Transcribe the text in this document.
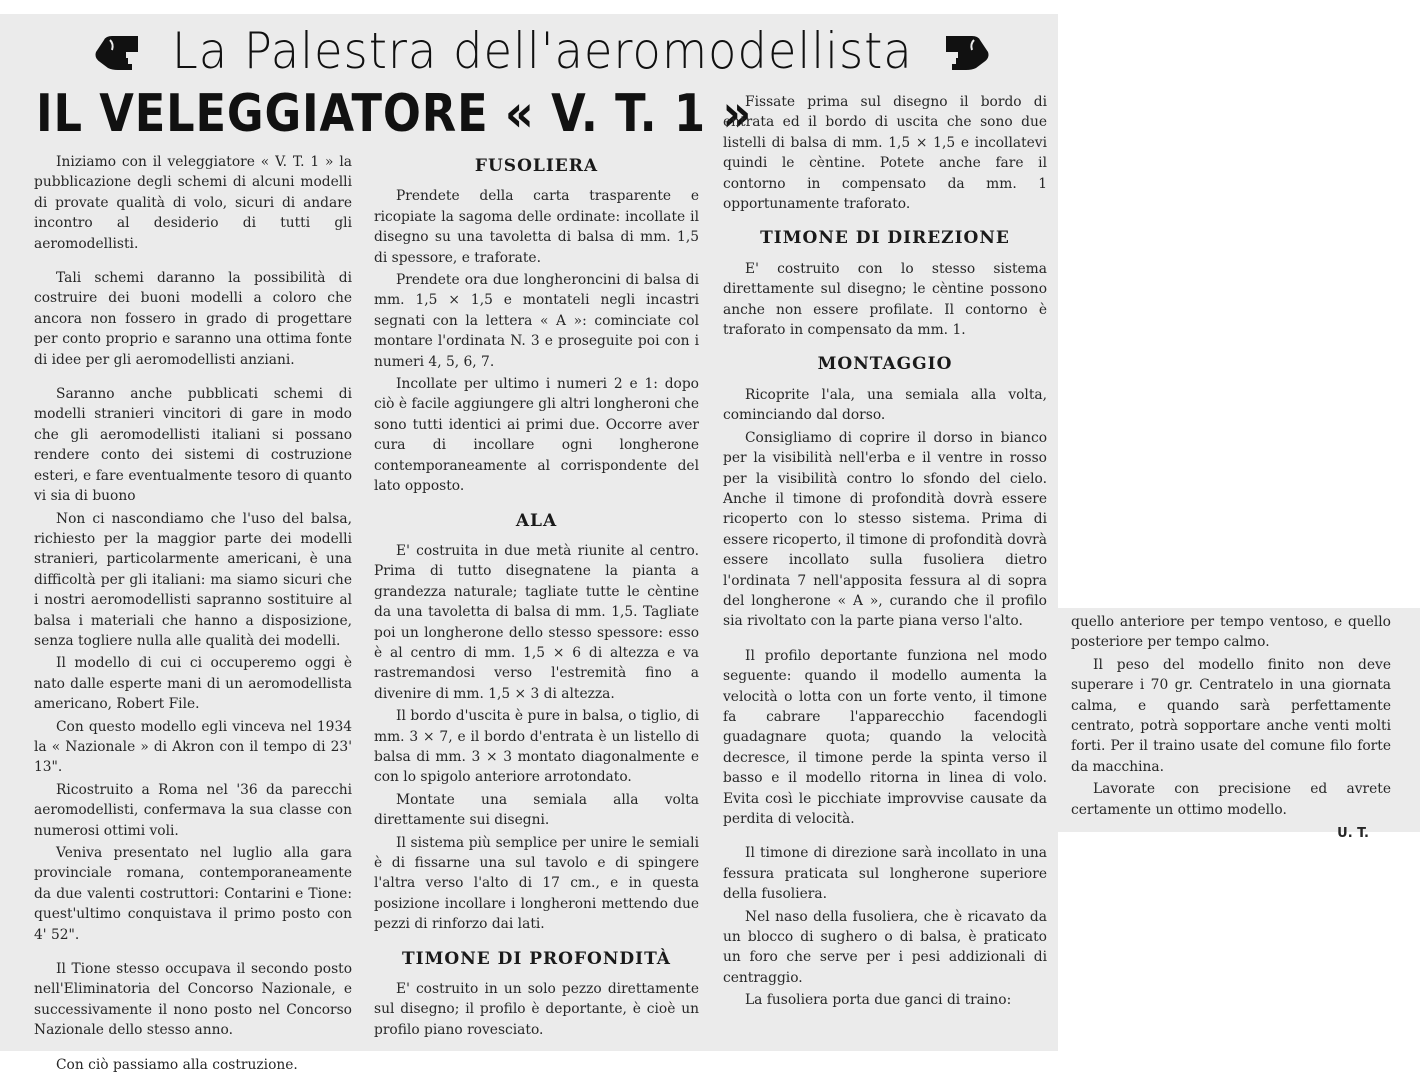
La Palestra dell'aeromodellista
IL VELEGGIATORE « V. T. 1 »

Iniziamo con il veleggiatore « V. T. 1 » la pubblicazione degli schemi di alcuni modelli di provate qualità di volo, sicuri di andare incontro al desiderio di tutti gli aeromodellisti.

Tali schemi daranno la possibilità di costruire dei buoni modelli a coloro che ancora non fossero in grado di progettare per conto proprio e saranno una ottima fonte di idee per gli aeromodellisti anziani.

Saranno anche pubblicati schemi di modelli stranieri vincitori di gare in modo che gli aeromodellisti italiani si possano rendere conto dei sistemi di costruzione esteri, e fare eventualmente tesoro di quanto vi sia di buono

Non ci nascondiamo che l'uso del balsa, richiesto per la maggior parte dei modelli stranieri, particolarmente americani, è una difficoltà per gli italiani: ma siamo sicuri che i nostri aeromodellisti sapranno sostituire al balsa i materiali che hanno a disposizione, senza togliere nulla alle qualità dei modelli.

Il modello di cui ci occuperemo oggi è nato dalle esperte mani di un aeromodellista americano, Robert File.

Con questo modello egli vinceva nel 1934 la « Nazionale » di Akron con il tempo di 23' 13".

Ricostruito a Roma nel '36 da parecchi aeromodellisti, confermava la sua classe con numerosi ottimi voli.

Veniva presentato nel luglio alla gara provinciale romana, contemporaneamente da due valenti costruttori: Contarini e Tione: quest'ultimo conquistava il primo posto con 4' 52".

Il Tione stesso occupava il secondo posto nell'Eliminatoria del Concorso Nazionale, e successivamente il nono posto nel Concorso Nazionale dello stesso anno.

Con ciò passiamo alla costruzione.

FUSOLIERA

Prendete della carta trasparente e ricopiate la sagoma delle ordinate: incollate il disegno su una tavoletta di balsa di mm. 1,5 di spessore, e traforate.

Prendete ora due longheroncini di balsa di mm. 1,5 × 1,5 e montateli negli incastri segnati con la lettera « A »: cominciate col montare l'ordinata N. 3 e proseguite poi con i numeri 4, 5, 6, 7.

Incollate per ultimo i numeri 2 e 1: dopo ciò è facile aggiungere gli altri longheroni che sono tutti identici ai primi due. Occorre aver cura di incollare ogni longherone contemporaneamente al corrispondente del lato opposto.

ALA

E' costruita in due metà riunite al centro. Prima di tutto disegnatene la pianta a grandezza naturale; tagliate tutte le cèntine da una tavoletta di balsa di mm. 1,5. Tagliate poi un longherone dello stesso spessore: esso è al centro di mm. 1,5 × 6 di altezza e va rastremandosi verso l'estremità fino a divenire di mm. 1,5 × 3 di altezza.

Il bordo d'uscita è pure in balsa, o tiglio, di mm. 3 × 7, e il bordo d'entrata è un listello di balsa di mm. 3 × 3 montato diagonalmente e con lo spigolo anteriore arrotondato.

Montate una semiala alla volta direttamente sui disegni.

Il sistema più semplice per unire le semiali è di fissarne una sul tavolo e di spingere l'altra verso l'alto di 17 cm., e in questa posizione incollare i longheroni mettendo due pezzi di rinforzo dai lati.

TIMONE DI PROFONDITÀ

E' costruito in un solo pezzo direttamente sul disegno; il profilo è deportante, è cioè un profilo piano rovesciato.

Fissate prima sul disegno il bordo di entrata ed il bordo di uscita che sono due listelli di balsa di mm. 1,5 × 1,5 e incollatevi quindi le cèntine. Potete anche fare il contorno in compensato da mm. 1 opportunamente traforato.

TIMONE DI DIREZIONE

E' costruito con lo stesso sistema direttamente sul disegno; le cèntine possono anche non essere profilate. Il contorno è traforato in compensato da mm. 1.

MONTAGGIO

Ricoprite l'ala, una semiala alla volta, cominciando dal dorso.

Consigliamo di coprire il dorso in bianco per la visibilità nell'erba e il ventre in rosso per la visibilità contro lo sfondo del cielo. Anche il timone di profondità dovrà essere ricoperto con lo stesso sistema. Prima di essere ricoperto, il timone di profondità dovrà essere incollato sulla fusoliera dietro l'ordinata 7 nell'apposita fessura al di sopra del longherone « A », curando che il profilo sia rivoltato con la parte piana verso l'alto.

Il profilo deportante funziona nel modo seguente: quando il modello aumenta la velocità o lotta con un forte vento, il timone fa cabrare l'apparecchio facendogli guadagnare quota; quando la velocità decresce, il timone perde la spinta verso il basso e il modello ritorna in linea di volo. Evita così le picchiate improvvise causate da perdita di velocità.

Il timone di direzione sarà incollato in una fessura praticata sul longherone superiore della fusoliera.

Nel naso della fusoliera, che è ricavato da un blocco di sughero o di balsa, è praticato un foro che serve per i pesi addizionali di centraggio.

La fusoliera porta due ganci di traino:

quello anteriore per tempo ventoso, e quello posteriore per tempo calmo.

Il peso del modello finito non deve superare i 70 gr. Centratelo in una giornata calma, e quando sarà perfettamente centrato, potrà sopportare anche venti molti forti. Per il traino usate del comune filo forte da macchina.

Lavorate con precisione ed avrete certamente un ottimo modello.

U. T.
